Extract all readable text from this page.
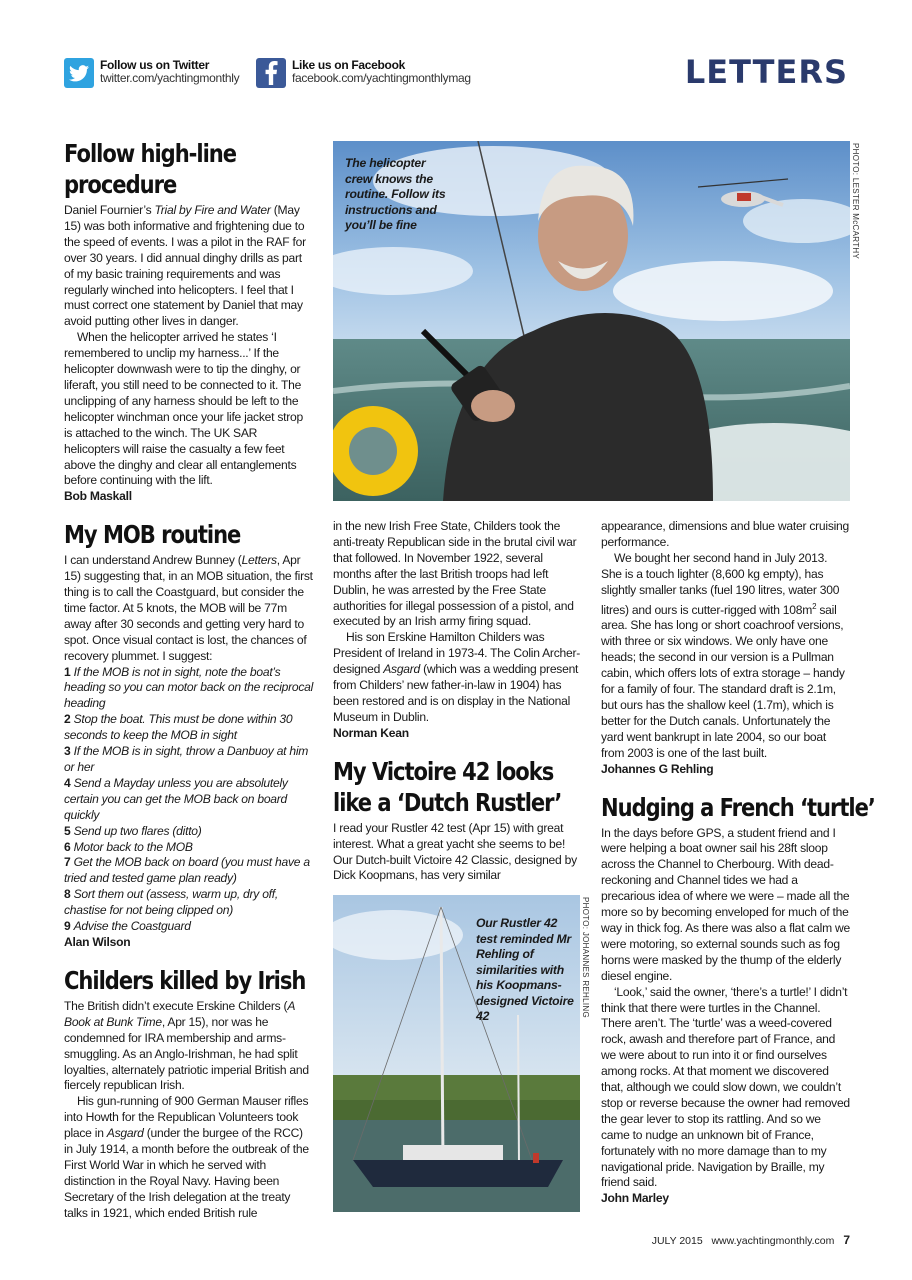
Follow us on Twitter
twitter.com/yachtingmonthly
Like us on Facebook
facebook.com/yachtingmonthlymag	LETTERS
Follow high-line
procedure

Daniel Fournier’s Trial by Fire and Water (May 15) was both informative and frightening due to the speed of events. I was a pilot in the RAF for over 30 years. I did annual dinghy drills as part of my basic training requirements and was regularly winched into helicopters. I feel that I must correct one statement by Daniel that may avoid putting other lives in danger.

When the helicopter arrived he states ‘I remembered to unclip my harness...’ If the helicopter downwash were to tip the dinghy, or liferaft, you still need to be connected to it. The unclipping of any harness should be left to the helicopter winchman once your life jacket strop is attached to the winch. The UK SAR helicopters will raise the casualty a few feet above the dinghy and clear all entanglements before continuing with the lift.

Bob Maskall

My MOB routine

I can understand Andrew Bunney (Letters, Apr 15) suggesting that, in an MOB situation, the first thing is to call the Coastguard, but consider the time factor. At 5 knots, the MOB will be 77m away after 30 seconds and getting very hard to spot. Once visual contact is lost, the chances of recovery plummet. I suggest:

1 If the MOB is not in sight, note the boat’s heading so you can motor back on the reciprocal heading

2 Stop the boat. This must be done within 30 seconds to keep the MOB in sight

3 If the MOB is in sight, throw a Danbuoy at him or her

4 Send a Mayday unless you are absolutely certain you can get the MOB back on board quickly

5 Send up two flares (ditto)

6 Motor back to the MOB

7 Get the MOB back on board (you must have a tried and tested game plan ready)

8 Sort them out (assess, warm up, dry off, chastise for not being clipped on)

9 Advise the Coastguard

Alan Wilson

Childers killed by Irish

The British didn’t execute Erskine Childers (A Book at Bunk Time, Apr 15), nor was he condemned for IRA membership and arms-smuggling. As an Anglo-Irishman, he had split loyalties, alternately patriotic imperial British and fiercely republican Irish.

His gun-running of 900 German Mauser rifles into Howth for the Republican Volunteers took place in Asgard (under the burgee of the RCC) in July 1914, a month before the outbreak of the First World War in which he served with distinction in the Royal Navy. Having been Secretary of the Irish delegation at the treaty talks in 1921, which ended British rule

The helicopter crew knows the routine. Follow its instructions and you’ll be fine	PHOTO: LESTER McCARTHY

in the new Irish Free State, Childers took the anti-treaty Republican side in the brutal civil war that followed. In November 1922, several months after the last British troops had left Dublin, he was arrested by the Free State authorities for illegal possession of a pistol, and executed by an Irish army firing squad.

His son Erskine Hamilton Childers was President of Ireland in 1973-4. The Colin Archer-designed Asgard (which was a wedding present from Childers’ new father-in-law in 1904) has been restored and is on display in the National Museum in Dublin.

Norman Kean

My Victoire 42 looks
like a ‘Dutch Rustler’

I read your Rustler 42 test (Apr 15) with great interest. What a great yacht she seems to be! Our Dutch-built Victoire 42 Classic, designed by Dick Koopmans, has very similar

Our Rustler 42 test reminded Mr Rehling of similarities with his Koopmans-designed Victoire 42	PHOTO: JOHANNES REHLING

appearance, dimensions and blue water cruising performance.

We bought her second hand in July 2013. She is a touch lighter (8,600 kg empty), has slightly smaller tanks (fuel 190 litres, water 300 litres) and ours is cutter-rigged with $108m^2$ sail area. She has long or short coachroof versions, with three or six windows. We only have one heads; the second in our version is a Pullman cabin, which offers lots of extra storage – handy for a family of four. The standard draft is 2.1m, but ours has the shallow keel (1.7m), which is better for the Dutch canals. Unfortunately the yard went bankrupt in late 2004, so our boat from 2003 is one of the last built.

Johannes G Rehling

Nudging a French ‘turtle’

In the days before GPS, a student friend and I were helping a boat owner sail his 28ft sloop across the Channel to Cherbourg. With dead-reckoning and Channel tides we had a precarious idea of where we were – made all the more so by becoming enveloped for much of the way in thick fog. As there was also a flat calm we were motoring, so external sounds such as fog horns were masked by the thump of the elderly diesel engine.

‘Look,’ said the owner, ‘there’s a turtle!’ I didn’t think that there were turtles in the Channel. There aren’t. The ‘turtle’ was a weed-covered rock, awash and therefore part of France, and we were about to run into it or find ourselves among rocks. At that moment we discovered that, although we could slow down, we couldn’t stop or reverse because the owner had removed the gear lever to stop its rattling. And so we came to nudge an unknown bit of France, fortunately with no more damage than to my navigational pride. Navigation by Braille, my friend said.

John Marley

JULY 2015 www.yachtingmonthly.com 7
